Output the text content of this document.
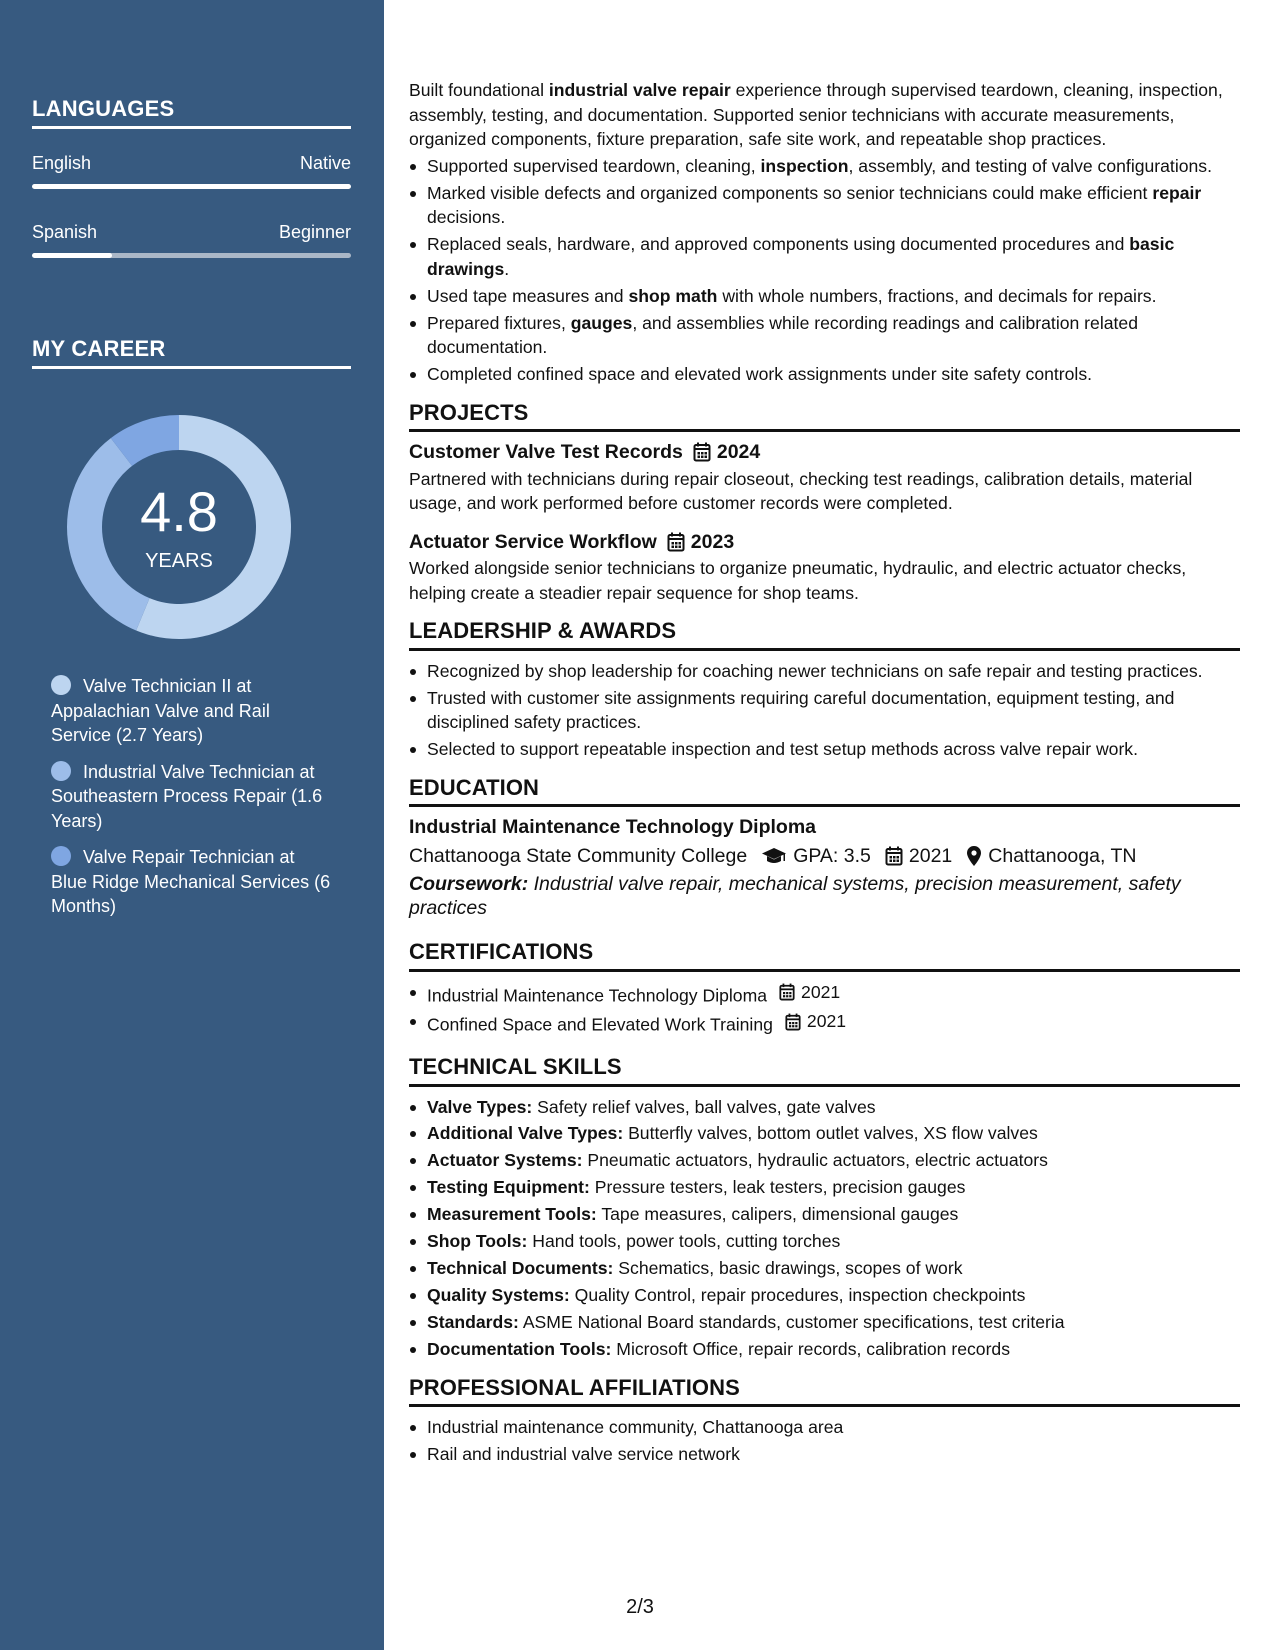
LANGUAGES
English	Native
Spanish	Beginner
MY CAREER
4.8
YEARS
Valve Technician II at Appalachian Valve and Rail Service (2.7 Years)
Industrial Valve Technician at Southeastern Process Repair (1.6 Years)
Valve Repair Technician at Blue Ridge Mechanical Services (6 Months)

Built foundational industrial valve repair experience through supervised teardown, cleaning, inspection, assembly, testing, and documentation. Supported senior technicians with accurate measurements, organized components, fixture preparation, safe site work, and repeatable shop practices.

Supported supervised teardown, cleaning, inspection, assembly, and testing of valve configurations.
Marked visible defects and organized components so senior technicians could make efficient repair decisions.
Replaced seals, hardware, and approved components using documented procedures and basic drawings.
Used tape measures and shop math with whole numbers, fractions, and decimals for repairs.
Prepared fixtures, gauges, and assemblies while recording readings and calibration related documentation.
Completed confined space and elevated work assignments under site safety controls.
PROJECTS
Customer Valve Test Records 2024

Partnered with technicians during repair closeout, checking test readings, calibration details, material usage, and work performed before customer records were completed.

Actuator Service Workflow 2023

Worked alongside senior technicians to organize pneumatic, hydraulic, and electric actuator checks, helping create a steadier repair sequence for shop teams.

LEADERSHIP & AWARDS
Recognized by shop leadership for coaching newer technicians on safe repair and testing practices.
Trusted with customer site assignments requiring careful documentation, equipment testing, and disciplined safety practices.
Selected to support repeatable inspection and test setup methods across valve repair work.
EDUCATION
Industrial Maintenance Technology Diploma
Chattanooga State Community College GPA: 3.5 2021 Chattanooga, TN
Coursework: Industrial valve repair, mechanical systems, precision measurement, safety practices
CERTIFICATIONS
Industrial Maintenance Technology Diploma 2021
Confined Space and Elevated Work Training 2021
TECHNICAL SKILLS
Valve Types: Safety relief valves, ball valves, gate valves
Additional Valve Types: Butterfly valves, bottom outlet valves, XS flow valves
Actuator Systems: Pneumatic actuators, hydraulic actuators, electric actuators
Testing Equipment: Pressure testers, leak testers, precision gauges
Measurement Tools: Tape measures, calipers, dimensional gauges
Shop Tools: Hand tools, power tools, cutting torches
Technical Documents: Schematics, basic drawings, scopes of work
Quality Systems: Quality Control, repair procedures, inspection checkpoints
Standards: ASME National Board standards, customer specifications, test criteria
Documentation Tools: Microsoft Office, repair records, calibration records
PROFESSIONAL AFFILIATIONS
Industrial maintenance community, Chattanooga area
Rail and industrial valve service network
2/3
